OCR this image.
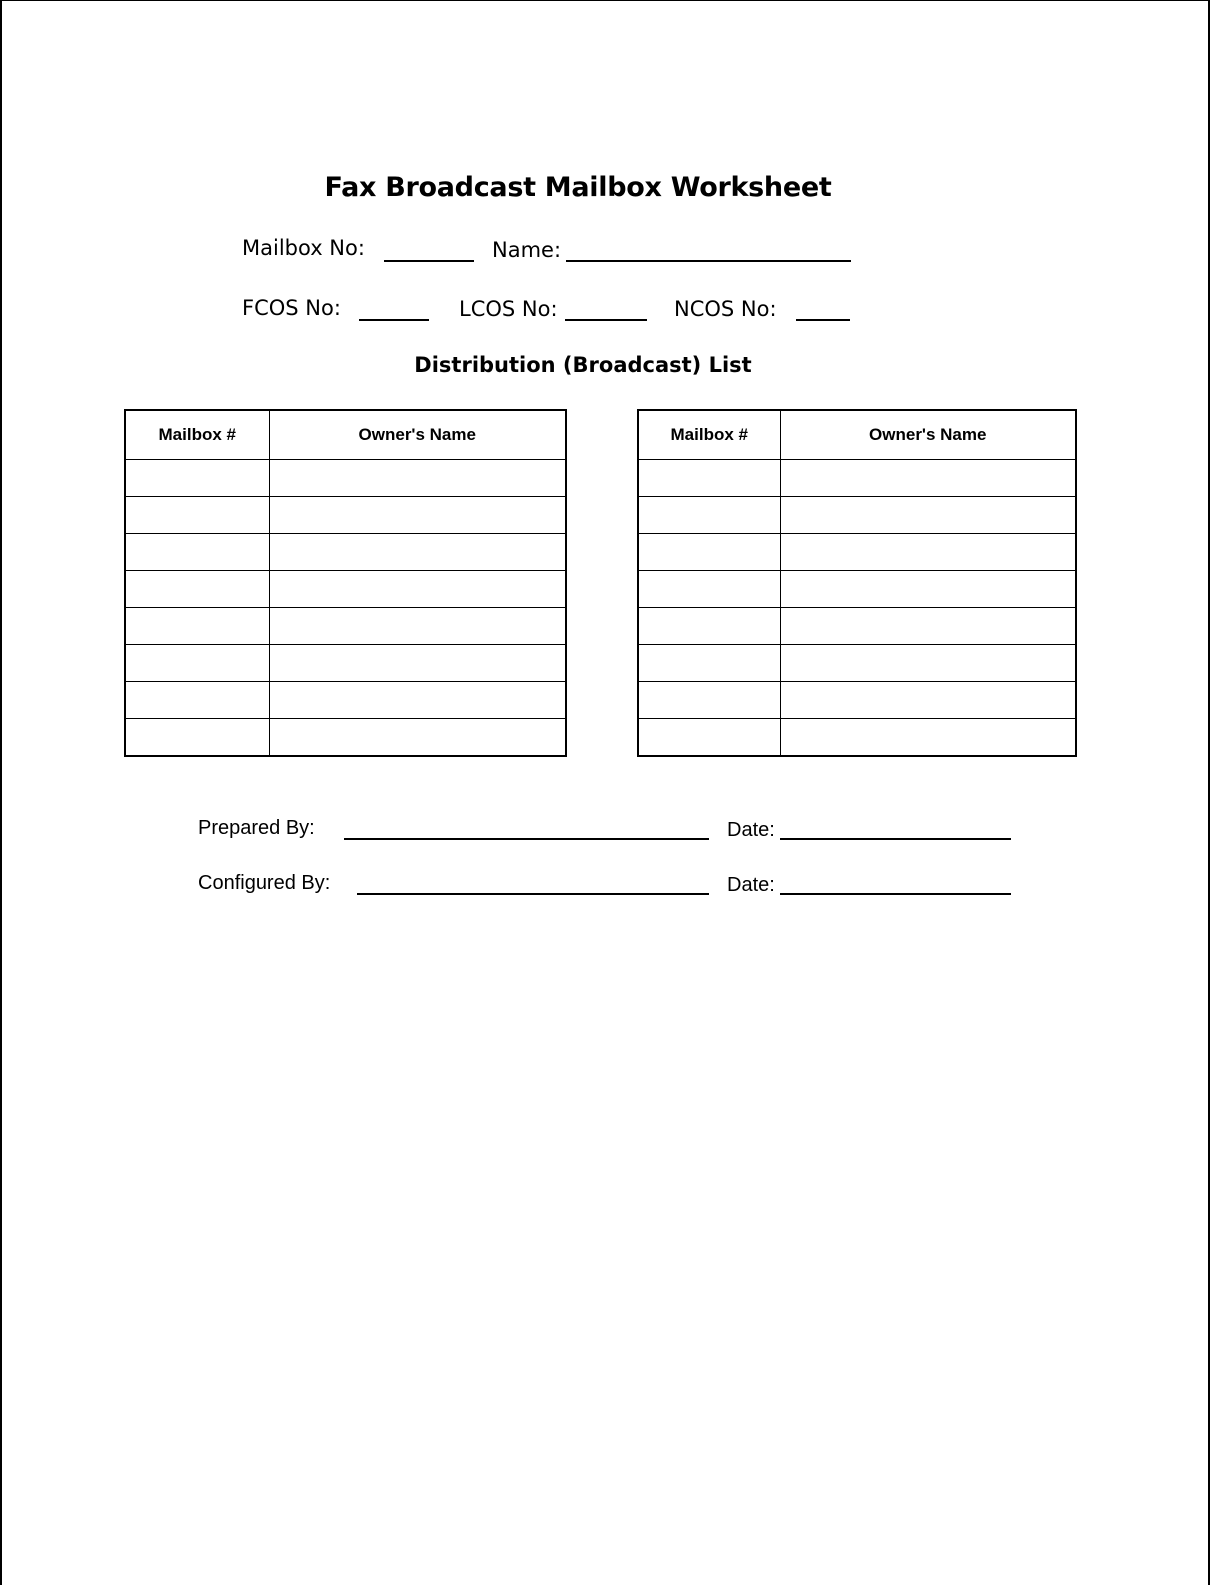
Fax Broadcast Mailbox Worksheet
Mailbox No:	Name:
FCOS No:	LCOS No:	NCOS No:
Distribution (Broadcast) List
Mailbox #	Owner's Name

		Mailbox #	Owner's Name

Prepared By:	Date:
Configured By:	Date:
